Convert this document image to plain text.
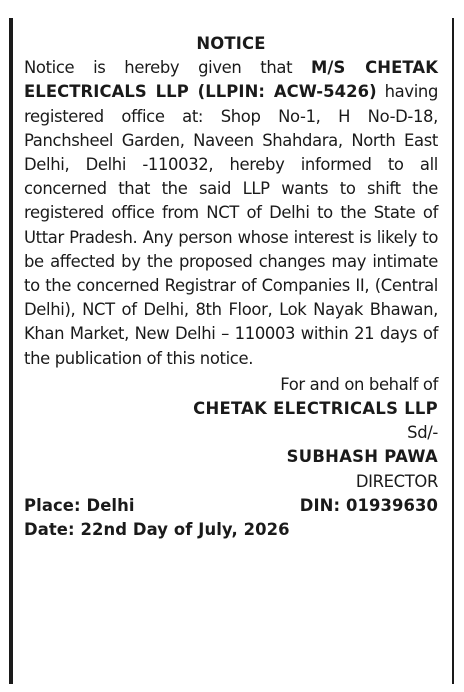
NOTICE

Notice is hereby given that M/S CHETAK ELECTRICALS LLP (LLPIN: ACW-5426) having registered office at: Shop No-1, H No-D-18, Panchsheel Garden, Naveen Shahdara, North East Delhi, Delhi -110032, hereby informed to all concerned that the said LLP wants to shift the registered office from NCT of Delhi to the State of Uttar Pradesh. Any person whose interest is likely to be affected by the proposed changes may intimate to the concerned Registrar of Companies II, (Central Delhi), NCT of Delhi, 8th Floor, Lok Nayak Bhawan, Khan Market, New Delhi – 110003 within 21 days of the publication of this notice.

For and on behalf of
CHETAK ELECTRICALS LLP
Sd/-
SUBHASH PAWA
DIRECTOR
Place: Delhi	DIN: 01939630
Date: 22nd Day of July, 2026
